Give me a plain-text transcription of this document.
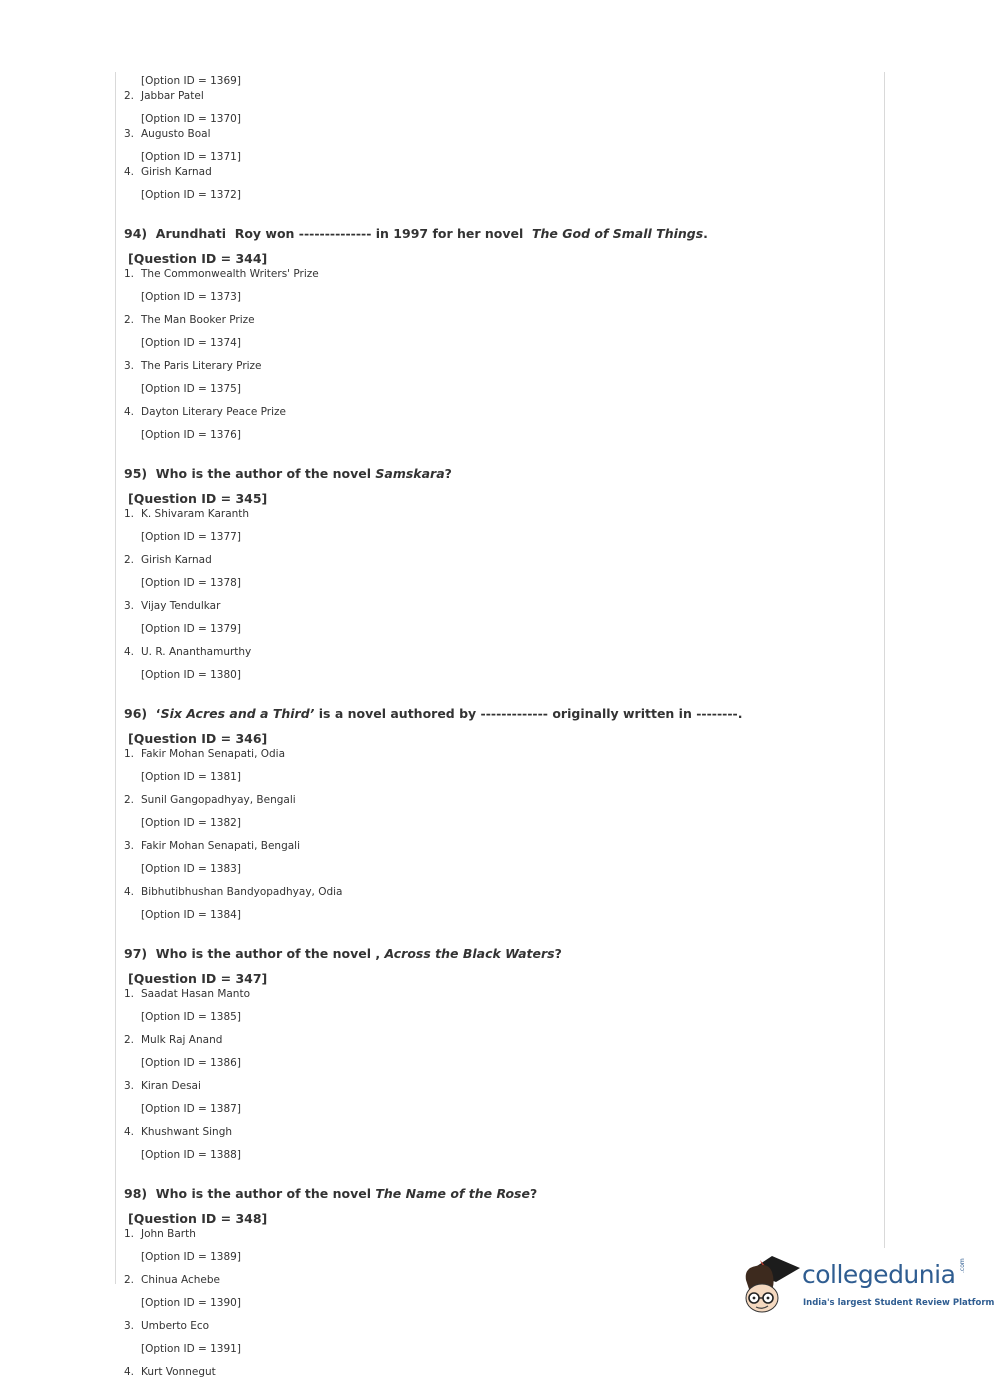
[Option ID = 1369]
2. Jabbar Patel
[Option ID = 1370]
3. Augusto Boal
[Option ID = 1371]
4. Girish Karnad
[Option ID = 1372]
94)  Arundhati  Roy won -------------- in 1997 for her novel  The God of Small Things.
[Question ID = 344]
1. The Commonwealth Writers' Prize
[Option ID = 1373]
2. The Man Booker Prize
[Option ID = 1374]
3. The Paris Literary Prize
[Option ID = 1375]
4. Dayton Literary Peace Prize
[Option ID = 1376]
95)  Who is the author of the novel Samskara?
[Question ID = 345]
1. K. Shivaram Karanth
[Option ID = 1377]
2. Girish Karnad
[Option ID = 1378]
3. Vijay Tendulkar
[Option ID = 1379]
4. U. R. Ananthamurthy
[Option ID = 1380]
96)  ‘Six Acres and a Third’ is a novel authored by ------------- originally written in --------.
[Question ID = 346]
1. Fakir Mohan Senapati, Odia
[Option ID = 1381]
2. Sunil Gangopadhyay, Bengali
[Option ID = 1382]
3. Fakir Mohan Senapati, Bengali
[Option ID = 1383]
4. Bibhutibhushan Bandyopadhyay, Odia
[Option ID = 1384]
97)  Who is the author of the novel , Across the Black Waters?
[Question ID = 347]
1. Saadat Hasan Manto
[Option ID = 1385]
2. Mulk Raj Anand
[Option ID = 1386]
3. Kiran Desai
[Option ID = 1387]
4. Khushwant Singh
[Option ID = 1388]
98)  Who is the author of the novel The Name of the Rose?
[Question ID = 348]
1. John Barth
[Option ID = 1389]
2. Chinua Achebe
[Option ID = 1390]
3. Umberto Eco
[Option ID = 1391]
4. Kurt Vonnegut
collegedunia .com
India's largest Student Review Platform
